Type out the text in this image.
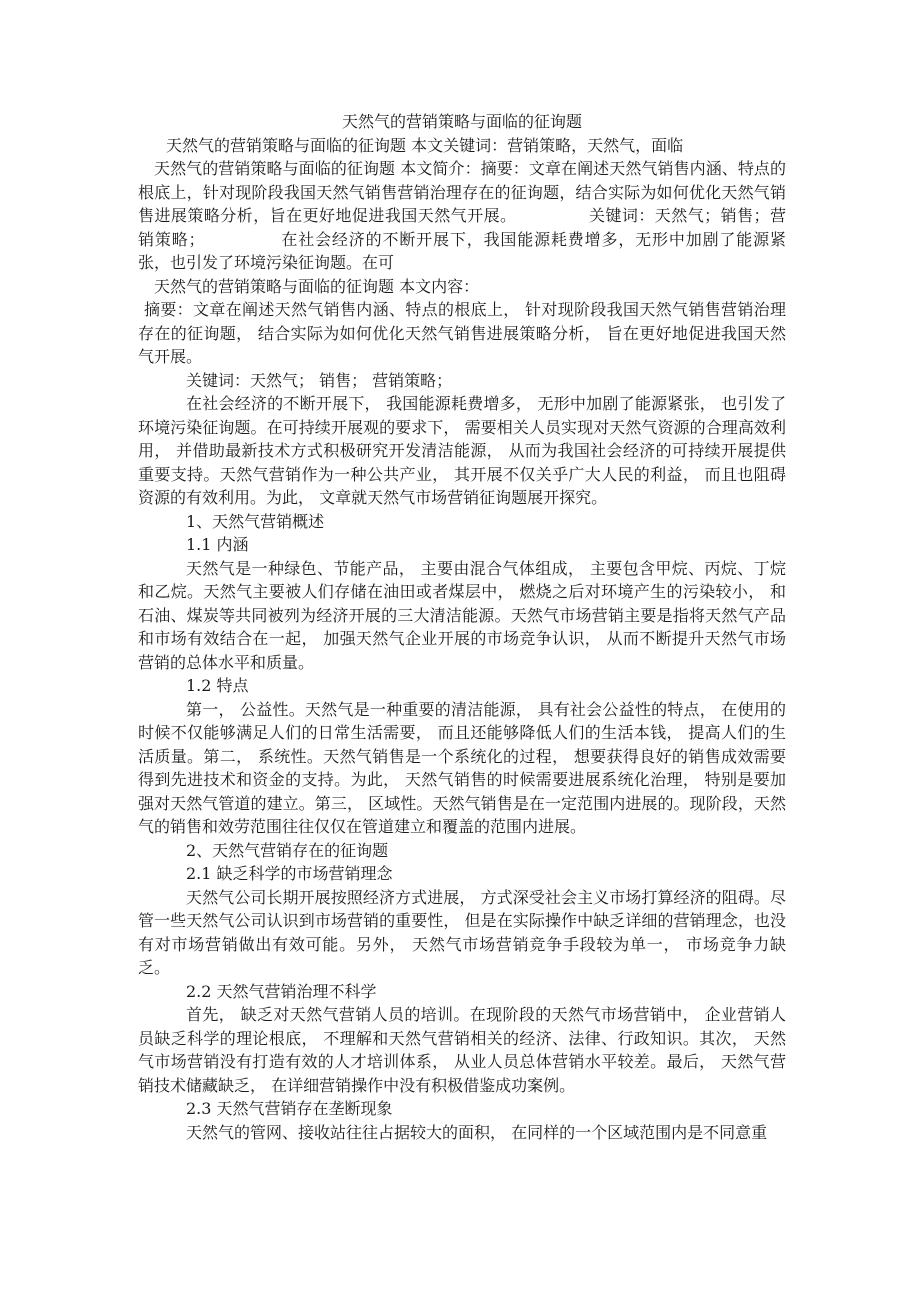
天然气的营销策略与面临的征询题

天然气的营销策略与面临的征询题 本文关键词：营销策略，天然气，面临

天然气的营销策略与面临的征询题 本文简介：摘要：文章在阐述天然气销售内涵、特点的根底上，针对现阶段我国天然气销售营销治理存在的征询题，结合实际为如何优化天然气销售进展策略分析，旨在更好地促进我国天然气开展。	关键词：天然气；销售；营销策略；	在社会经济的不断开展下，我国能源耗费增多，无形中加剧了能源紧张，也引发了环境污染征询题。在可

天然气的营销策略与面临的征询题 本文内容：

摘要：文章在阐述天然气销售内涵、特点的根底上， 针对现阶段我国天然气销售营销治理存在的征询题， 结合实际为如何优化天然气销售进展策略分析， 旨在更好地促进我国天然气开展。

关键词：天然气； 销售； 营销策略；

在社会经济的不断开展下， 我国能源耗费增多， 无形中加剧了能源紧张， 也引发了环境污染征询题。在可持续开展观的要求下， 需要相关人员实现对天然气资源的合理高效利用， 并借助最新技术方式积极研究开发清洁能源， 从而为我国社会经济的可持续开展提供重要支持。天然气营销作为一种公共产业， 其开展不仅关乎广大人民的利益， 而且也阻碍资源的有效利用。为此， 文章就天然气市场营销征询题展开探究。

1、天然气营销概述

1.1 内涵

天然气是一种绿色、节能产品， 主要由混合气体组成， 主要包含甲烷、丙烷、丁烷和乙烷。天然气主要被人们存储在油田或者煤层中， 燃烧之后对环境产生的污染较小， 和石油、煤炭等共同被列为经济开展的三大清洁能源。天然气市场营销主要是指将天然气产品和市场有效结合在一起， 加强天然气企业开展的市场竞争认识， 从而不断提升天然气市场营销的总体水平和质量。

1.2 特点

第一， 公益性。天然气是一种重要的清洁能源， 具有社会公益性的特点， 在使用的时候不仅能够满足人们的日常生活需要， 而且还能够降低人们的生活本钱， 提高人们的生活质量。第二， 系统性。天然气销售是一个系统化的过程， 想要获得良好的销售成效需要得到先进技术和资金的支持。为此， 天然气销售的时候需要进展系统化治理， 特别是要加强对天然气管道的建立。第三， 区域性。天然气销售是在一定范围内进展的。现阶段，天然气的销售和效劳范围往往仅仅在管道建立和覆盖的范围内进展。

2、天然气营销存在的征询题

2.1 缺乏科学的市场营销理念

天然气公司长期开展按照经济方式进展， 方式深受社会主义市场打算经济的阻碍。尽管一些天然气公司认识到市场营销的重要性， 但是在实际操作中缺乏详细的营销理念，也没有对市场营销做出有效可能。另外， 天然气市场营销竞争手段较为单一， 市场竞争力缺乏。

2.2 天然气营销治理不科学

首先， 缺乏对天然气营销人员的培训。在现阶段的天然气市场营销中， 企业营销人员缺乏科学的理论根底， 不理解和天然气营销相关的经济、法律、行政知识。其次， 天然气市场营销没有打造有效的人才培训体系， 从业人员总体营销水平较差。最后， 天然气营销技术储藏缺乏， 在详细营销操作中没有积极借鉴成功案例。

2.3 天然气营销存在垄断现象

天然气的管网、接收站往往占据较大的面积， 在同样的一个区域范围内是不同意重
